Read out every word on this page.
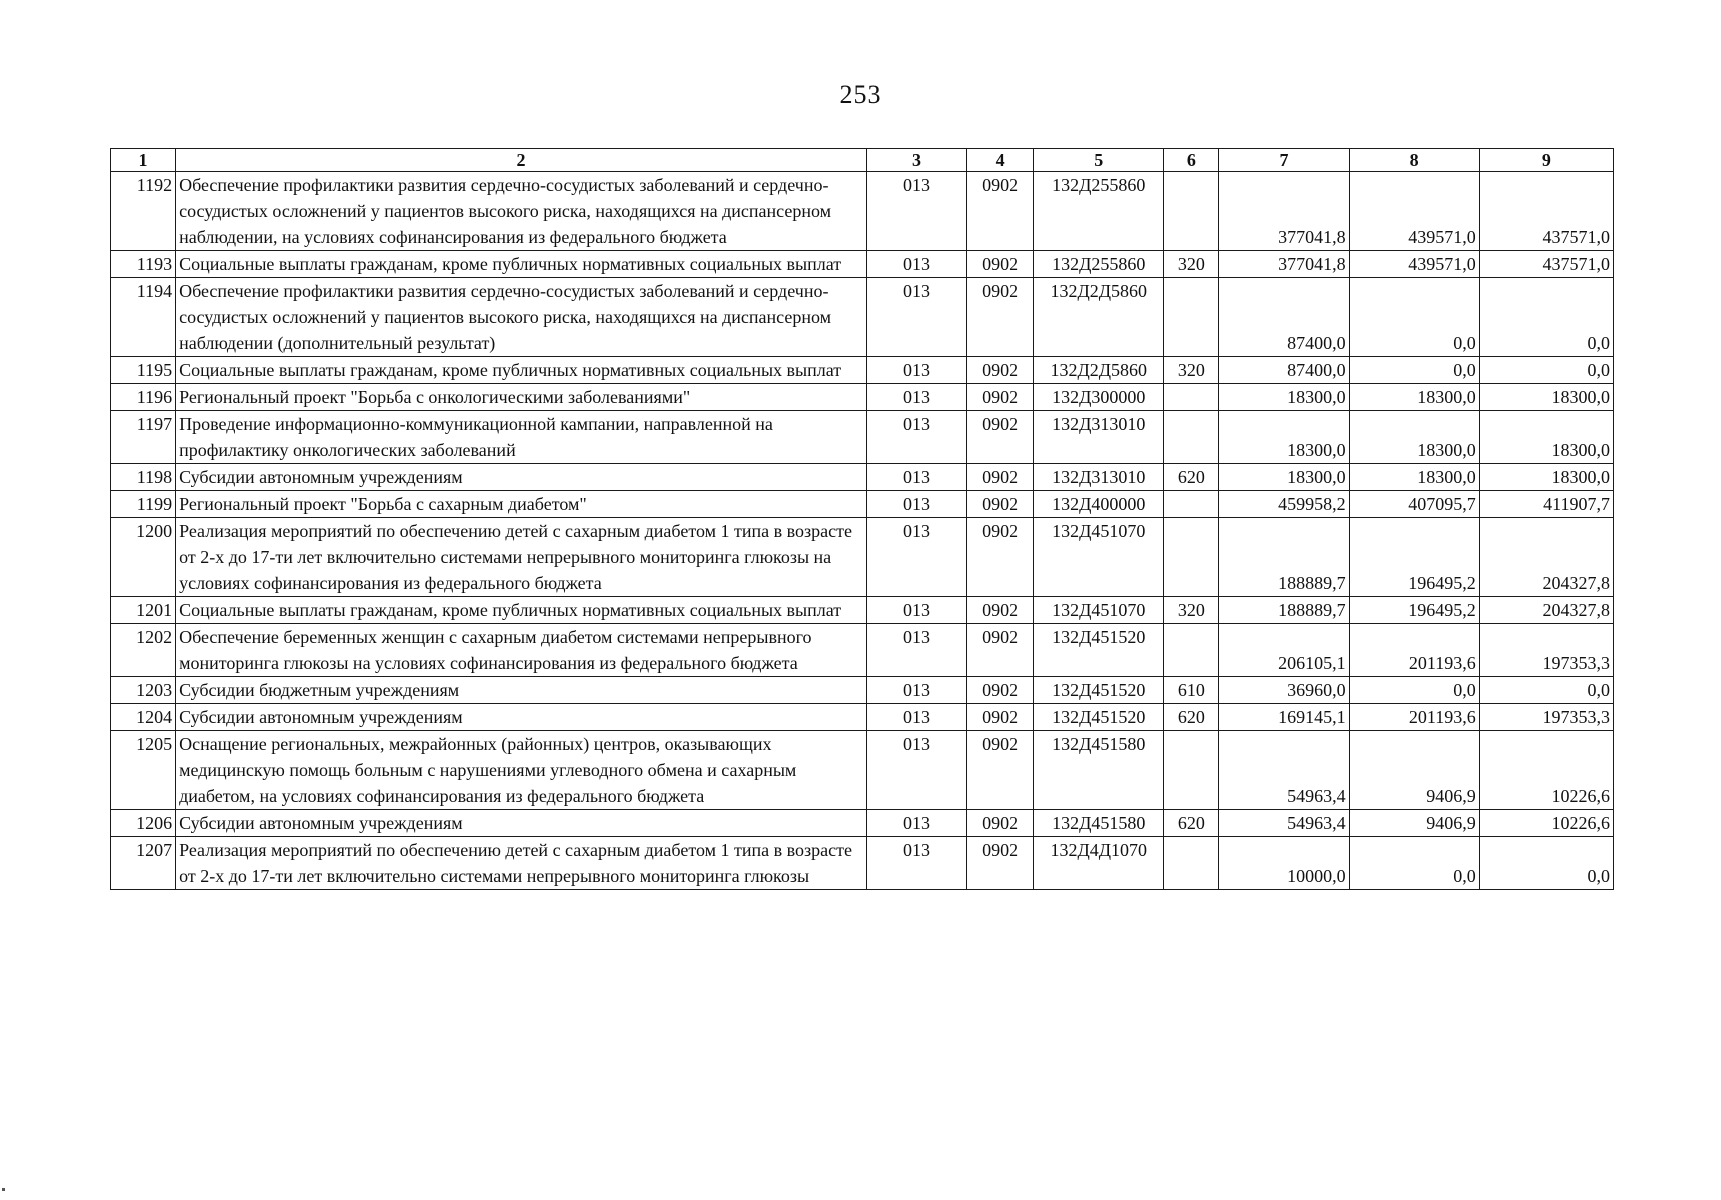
253
1	2	3	4	5	6	7	8	9
1192	Обеспечение профилактики развития сердечно-сосудистых заболеваний и сердечно-сосудистых осложнений у пациентов высокого риска, находящихся на диспансерном наблюдении, на условиях софинансирования из федерального бюджета	013	0902	132Д255860		377041,8	439571,0	437571,0
1193	Социальные выплаты гражданам, кроме публичных нормативных социальных выплат	013	0902	132Д255860	320	377041,8	439571,0	437571,0
1194	Обеспечение профилактики развития сердечно-сосудистых заболеваний и сердечно-сосудистых осложнений у пациентов высокого риска, находящихся на диспансерном наблюдении (дополнительный результат)	013	0902	132Д2Д5860		87400,0	0,0	0,0
1195	Социальные выплаты гражданам, кроме публичных нормативных социальных выплат	013	0902	132Д2Д5860	320	87400,0	0,0	0,0
1196	Региональный проект "Борьба с онкологическими заболеваниями"	013	0902	132Д300000		18300,0	18300,0	18300,0
1197	Проведение информационно-коммуникационной кампании, направленной на профилактику онкологических заболеваний	013	0902	132Д313010		18300,0	18300,0	18300,0
1198	Субсидии автономным учреждениям	013	0902	132Д313010	620	18300,0	18300,0	18300,0
1199	Региональный проект "Борьба с сахарным диабетом"	013	0902	132Д400000		459958,2	407095,7	411907,7
1200	Реализация мероприятий по обеспечению детей с сахарным диабетом 1 типа в возрасте от 2-х до 17-ти лет включительно системами непрерывного мониторинга глюкозы на условиях софинансирования из федерального бюджета	013	0902	132Д451070		188889,7	196495,2	204327,8
1201	Социальные выплаты гражданам, кроме публичных нормативных социальных выплат	013	0902	132Д451070	320	188889,7	196495,2	204327,8
1202	Обеспечение беременных женщин с сахарным диабетом системами непрерывного мониторинга глюкозы на условиях софинансирования из федерального бюджета	013	0902	132Д451520		206105,1	201193,6	197353,3
1203	Субсидии бюджетным учреждениям	013	0902	132Д451520	610	36960,0	0,0	0,0
1204	Субсидии автономным учреждениям	013	0902	132Д451520	620	169145,1	201193,6	197353,3
1205	Оснащение региональных, межрайонных (районных) центров, оказывающих медицинскую помощь больным с нарушениями углеводного обмена и сахарным диабетом, на условиях софинансирования из федерального бюджета	013	0902	132Д451580		54963,4	9406,9	10226,6
1206	Субсидии автономным учреждениям	013	0902	132Д451580	620	54963,4	9406,9	10226,6
1207	Реализация мероприятий по обеспечению детей с сахарным диабетом 1 типа в возрасте от 2-х до 17-ти лет включительно системами непрерывного мониторинга глюкозы	013	0902	132Д4Д1070		10000,0	0,0	0,0
